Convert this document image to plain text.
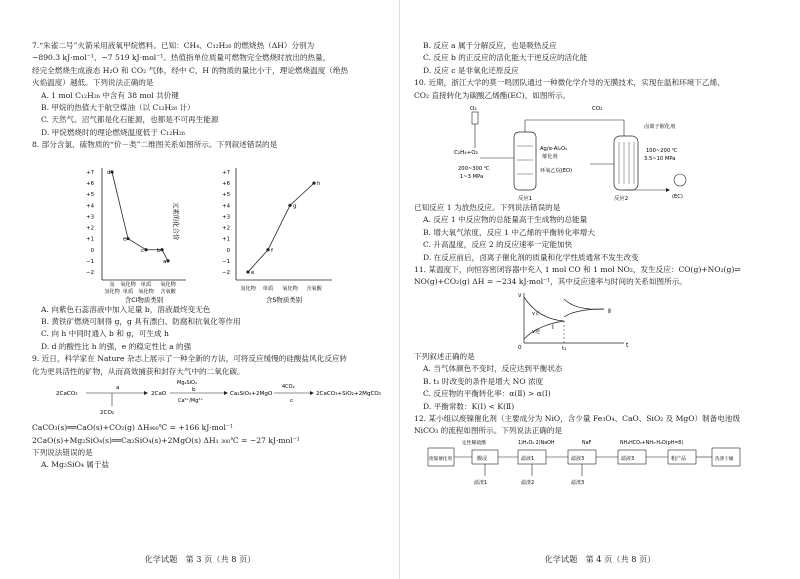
7.“朱雀二号”火箭采用液氧甲烷燃料。已知：CH₄、C₁₂H₂₆ 的燃烧热（ΔH）分别为
−890.3 kJ·mol⁻¹、−7 519 kJ·mol⁻¹。热值指单位质量可燃物完全燃烧时放出的热量，
经完全燃烧生成液态 H₂O 和 CO₂ 气体，经中 C、H 的物质的量比小于，理论燃烧温度（绝热
火焰温度）越低。下列说法正确的是
A. 1 mol C₁₂H₂₆ 中含有 38 mol 共价键
B. 甲烷的热值大于航空煤油（以 C₁₂H₂₆ 计）
C. 天然气、沼气都是化石能源，也都是不可再生能源
D. 甲烷燃烧时的理论燃烧温度低于 C₁₂H₂₆
8. 部分含氯、硫物质的“价－类”二维图关系如图所示。下列叙述错误的是
元素的化合价
+7	+7
+6	+6
+5	+5
+4	+4
+3	+3
+2	+2
+1	+1
0	0
−1	−1
−2	−2
氢 氧化物 单质 氧化物
氢化物 单质 氧化物 含氧酸	氢化物 单质 氧化物 含氧酸
含Cl物质类别	含S物质类别
d
e
c b
a
e
f
g
h
A. 向紫色石蕊溶液中加入足量 b，溶液最终变无色
B. 黄铁矿燃烧可制得 g，g 具有漂白、防腐和抗氧化等作用
C. 向 h 中同时通入 b 和 g，可生成 h
D. d 的酸性比 h 的强，e 的稳定性比 a 的强
9. 近日，科学家在 Nature 杂志上展示了一种全新的方法，可将反应缓慢的硅酸盐风化反应转
化为更具活性的矿物，从而高效捕获和封存大气中的二氧化碳。
2CaCO₃
a
2CO₂
2CaO
Mg₂SiO₄
b
Ca²⁺/Mg²⁺
Ca₂SiO₄+2MgO
4CO₂
c
2CaCO₃+SiO₂+2MgCO₃
CaCO₃(s)══CaO(s)+CO₂(g) ΔH₉₀₀℃ = +166 kJ·mol⁻¹
2CaO(s)+Mg₂SiO₄(s)══Ca₂SiO₄(s)+2MgO(s) ΔH₁ ₃₀₀℃ = −27 kJ·mol⁻¹
下列说法错误的是
A. Mg₂SiO₄ 属于盐
化学试题　第 3 页（共 8 页）
B. 反应 a 属于分解反应，也是吸热反应
C. 反应 b 的正反应的活化能大于逆反应的活化能
D. 反应 c 是非氧化还原反应
10. 近期，浙江大学的莫一鸣团队通过一种微化学介导的无膜技术，实现在温和环境下乙烯、
CO₂ 直接转化为碳酸乙烯酯(EC)，如图所示。
O₂
C₂H₄+O₂
Ag/α-Al₂O₃
催化剂
200~300 ℃
1~3 MPa
环氧乙烷(EO)
反应1
CO₂
卤离子催化剂
100~200 ℃
3.5~10 MPa
(EC)
反应2
已知反应 1 为放热反应。下列说法错误的是
A. 反应 1 中反应物的总能量高于生成物的总能量
B. 增大氧气浓度，反应 1 中乙烯的平衡转化率增大
C. 升高温度，反应 2 的反应速率一定能加快
D. 在反应前后，卤离子催化剂的质量和化学性质通常不发生改变
11. 某温度下，向恒容密闭容器中充入 1 mol CO 和 1 mol NO₂，发生反应：CO(g)+NO₂(g)⇌
NO(g)+CO₂(g) ΔH = −234 kJ·mol⁻¹，其中反应速率与时间的关系如图所示。
v
t
0	t₁
v正
v逆
Ⅰ
Ⅱ
下列叙述正确的是
A. 当气体颜色不变时，反应达到平衡状态
B. t₁ 时改变的条件是增大 NO 浓度
C. 反应物的平衡转化率：α(Ⅱ) > α(Ⅰ)
D. 平衡常数：K(Ⅰ) < K(Ⅱ)
12. 某小组以废镍催化剂（主要成分为 NiO，含少量 Fe₃O₄、CaO、SiO₂ 及 MgO）制备电池级
NiCO₃ 的流程如图所示。下列说法正确的是
定性稀硫酸	1)H₂O₂ 2)NaOH	NaF	NH₄HCO₃+NH₃·H₂O(pH=8)
废镍催化剂	酸浸	滤液1	滤液3	滤液3	粗产品	洗涤干燥
滤渣1	滤渣2	滤渣3
化学试题　第 4 页（共 8 页）
